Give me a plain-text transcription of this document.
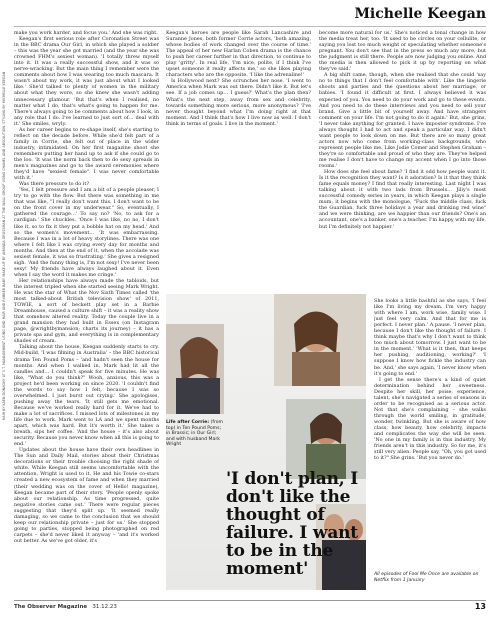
HAIR BY KAEN DONAGHY AT S.T. MANAGEMENT USING GHD HAIR AND RUBBER BABY. MAKE-UP BY AMANDA GROSSMAN AT THE WALL GROUP USING CHANEL AND ABSOLUTION. STYLING BY MICHELLE KEEGAN
Michelle Keegan

make you work harder, and focus you.' And she was right.

Keegan's first serious role after Coronation Street was in the BBC drama Our Girl, in which she played a soldier – this was the year she got married (and the year she was crowned FHM's sexiest woman). 'I totally threw myself into it. It was a really successful show, and it was so nerve-wracking. But the main thing I remember were the comments about how I was wearing too much mascara. It wasn't about my work, it was just about what I looked like.' She'd talked to plenty of women in the military about what they wore, so she knew she wasn't adding unnecessary glamour. 'But that's when I realised, no matter what I do, that's what's going to happen for me. There's always going to be comments about how I look, in any role that I do. I've learned to just sort of… deal with it.' She smiles, wryly.

As her career begins to re-shape itself, she's starting to reflect on the decade before. While she'd felt part of a family in Corrie, she felt out of place in the wider industry, intimidated. On her first magazine shoot she remembers putting her hand up to ask if she could go to the loo. 'It was the norm back then to do sexy spreads in men's magazines and go to the award ceremonies where they'd have "sexiest female". I was never comfortable with it.'

Was there pressure to do it?

'Yes, I felt pressure and I am a bit of a people pleaser, I try to go with the flow. But there was something in me that was like, "I really don't want this. I don't want to be on the front cover in my underwear." So, eventually, I gathered the courage…' To say no? 'No, to ask for a cardigan.' She chuckles. 'Once I was like, no no, I don't like it, so to fix it they put a bobble hat on my head.' And so the women's movement… 'It was embarrassing. Because I was in a lot of heavy storylines. There was one where I felt like I was crying every day for months and months. And then at the end of it, when the accolade was sexiest female, it was so frustrating.' She gives a resigned sigh. 'And the funny thing is, I'm not sexy! I've never been sexy! My friends have always laughed about it. Even when I say the word it makes me cringe.'

Her relationships have always made the tabloids, but the interest tripled when she started seeing Mark Wright. He was the star of What the Nov Sixth Times called 'the most talked-about British television show' of 2011, TOWIE, a sort of beckett play set in a Barbie Dreamhouse, caused a culture shift – it was a reality show that somehow altered reality. Today the couple live in a grand mansion they had built in Essex (on Instagram page, @wrightbymansion; charts its journey) – it has a private spa and gym, and everything is in complementary shades of cream.

Talking about the house, Keegan suddenly starts to cry. Mid-build, 'I was filming in Australia' – the BBC historical drama Ten Pound Poms – 'and hadn't seen the house for months. And when I walked in, Mark had lit all the candles and… I couldn't speak for five minutes. He was like, "What do you think?" Wooh, anxious, this was a project he'd been working on since 2020. 'I couldn't find the words to say how I felt, because I was so overwhelmed. I just burst out crying.' She apologises, pushing away the tears. 'It still gets me emotional. Because we've worked really hard for it. We've had to make a lot of sacrifices. I missed lots of milestones in my life due to work. Mark went to LA and we spent months apart, which was hard. But it's worth it.' She takes a breath, sips her coffee. 'And the house – it's also about security. Because you never know when all this is going to end.'

Updates about the house have their own headlines in The Sun and Daily Mail, stories about their Christmas decorations or their trouble choosing the right shade of white. While Keegan still seems uncomfortable with the attention, Wright is used to it. He and his Towie co-stars created a new ecosystem of fame and when they married (their wedding was on the cover of Hello! magazine), Keegan became part of their story. 'People openly spoke about our relationship. As time progressed, quite negative stories came out.' There were regular pieces suggesting that they'd split up. 'It seemed really damaging, so we came to the conclusion that we should keep our relationship private – just for us.' She stopped going to parties, stopped being photographed on red carpets – she'd never liked it anyway – 'and it's worked out better. As we've got older, it's

become more natural for us.' She's noticed a tonal change in how the media treat her, too. 'It used to be circles on your cellulite, or saying you lost too much weight or speculating whether someone's pregnant. You don't see that in the press so much any more, but the judgment is still there. People are now judging you online. And the media is then allowed to pick it up by reporting on what they've said.'

A big shift came, though, when she realised that she could 'say no to things that I don't feel comfortable with'. Like the lingerie shoots and parties and the questions about her marriage, or babies. 'I found it difficult at first. I always believed it was expected of you. You need to do your work and go to these events. And you need to do these interviews and you need to sell your brand. Give a little bit of yourself away. And have strangers comment on your life. I'm not going to do it again.' But, she grins, 'I never take anything for granted. I have imposter syndrome. I've always thought I had to act and speak a particular way. I didn't want people to look down on me. But there are so many great actors now who come from working-class backgrounds, who represent people like me. Like Jodie Comer and Stephen Graham – they're so comfortable and proud of who they are. They've helped me realise I don't have to change my accent when I go into those rooms.'

How does she feel about fame? 'I find it odd how people want it. Is it the recognition they want? Is it adoration? Is it that they think fame equals money? I find that really interesting. Last night I was talking about it with two lads from Brussels… Jiliy's most successful comedy series in years, in which Keegan plays a single mum; it begins with the monologue, "Fuck the middle class, fuck the Guardian, fuck three holidays a year and drinking red wine" and we were thinking, are we happier than our friends? One's an accountant, one's a banker, one's a teacher. I'm happy with my life, but I'm definitely not happier.'

Keegan's heroes are people like Sarah Lancashire and Suranne Jones, both former Corrie actors, 'both amazing, whose bodies of work changed over the course of time.' The appeal of her new Harlan Coben drama is the chance to push her career further in that direction, to continue to play 'gritty'. In real life, 'I'm nice, polite, if I think I've upset someone it really affects me,' so she likes playing characters who are the opposite. 'I like the adrenaline!'

Is Hollywood next? She scrunches her nose. 'I went to America when Mark was out there. Didn't like it. But let's see. If a job comes up… I guess?' What's the plan then? What's the next step, away from sex and celebrity, towards something more serious, more anonymous? 'I've never thought beyond what I'm doing right at that moment. And I think that's how I live now as well. I don't think in terms of goals. I live in the moment.'

Life after Corrie: (from top) in Ten Pound Poms; in Brassic; in Our Girl; and with husband Mark Wright
'I don't plan, I don't like the thought of failure. I want to be in the moment'

She looks a little bashful as she says, 'I feel like I'm living my dream. I'm very happy with where I am, work wise, family wise. I just feel very calm. And that for me is perfect. I never plan.' A pause. 'I never plan, because I don't like the thought of failure. I think maybe that's why I don't want to think too much about tomorrow. I just want to be in the moment.' 'What is it then, that keeps her pushing, auditioning, working?' 'I suppose I know how fickle the industry can be. And,' she says again, 'I never know when it's going to end.'

I get the sense there's a kind of quiet determination behind her sweetness. Despite her skill, her poise, experience, talent, she's navigated a series of seasons in order to be recognised as a serious actor. Not that she's complaining – she walks through the world smiling, in gratitude, wonder, twinkling. But she is aware of how class, how beauty, how celebrity, impacts and complicates the way she will be seen. 'No one in my family is in this industry. My friends aren't in this industry. So for me, it's still very alien. People say, "Oh, you got used to it?" She grins. 'But you never do.'

All episodes of Fool Me Once are available on Netflix from 1 January
The Observer Magazine 31.12.23	13
